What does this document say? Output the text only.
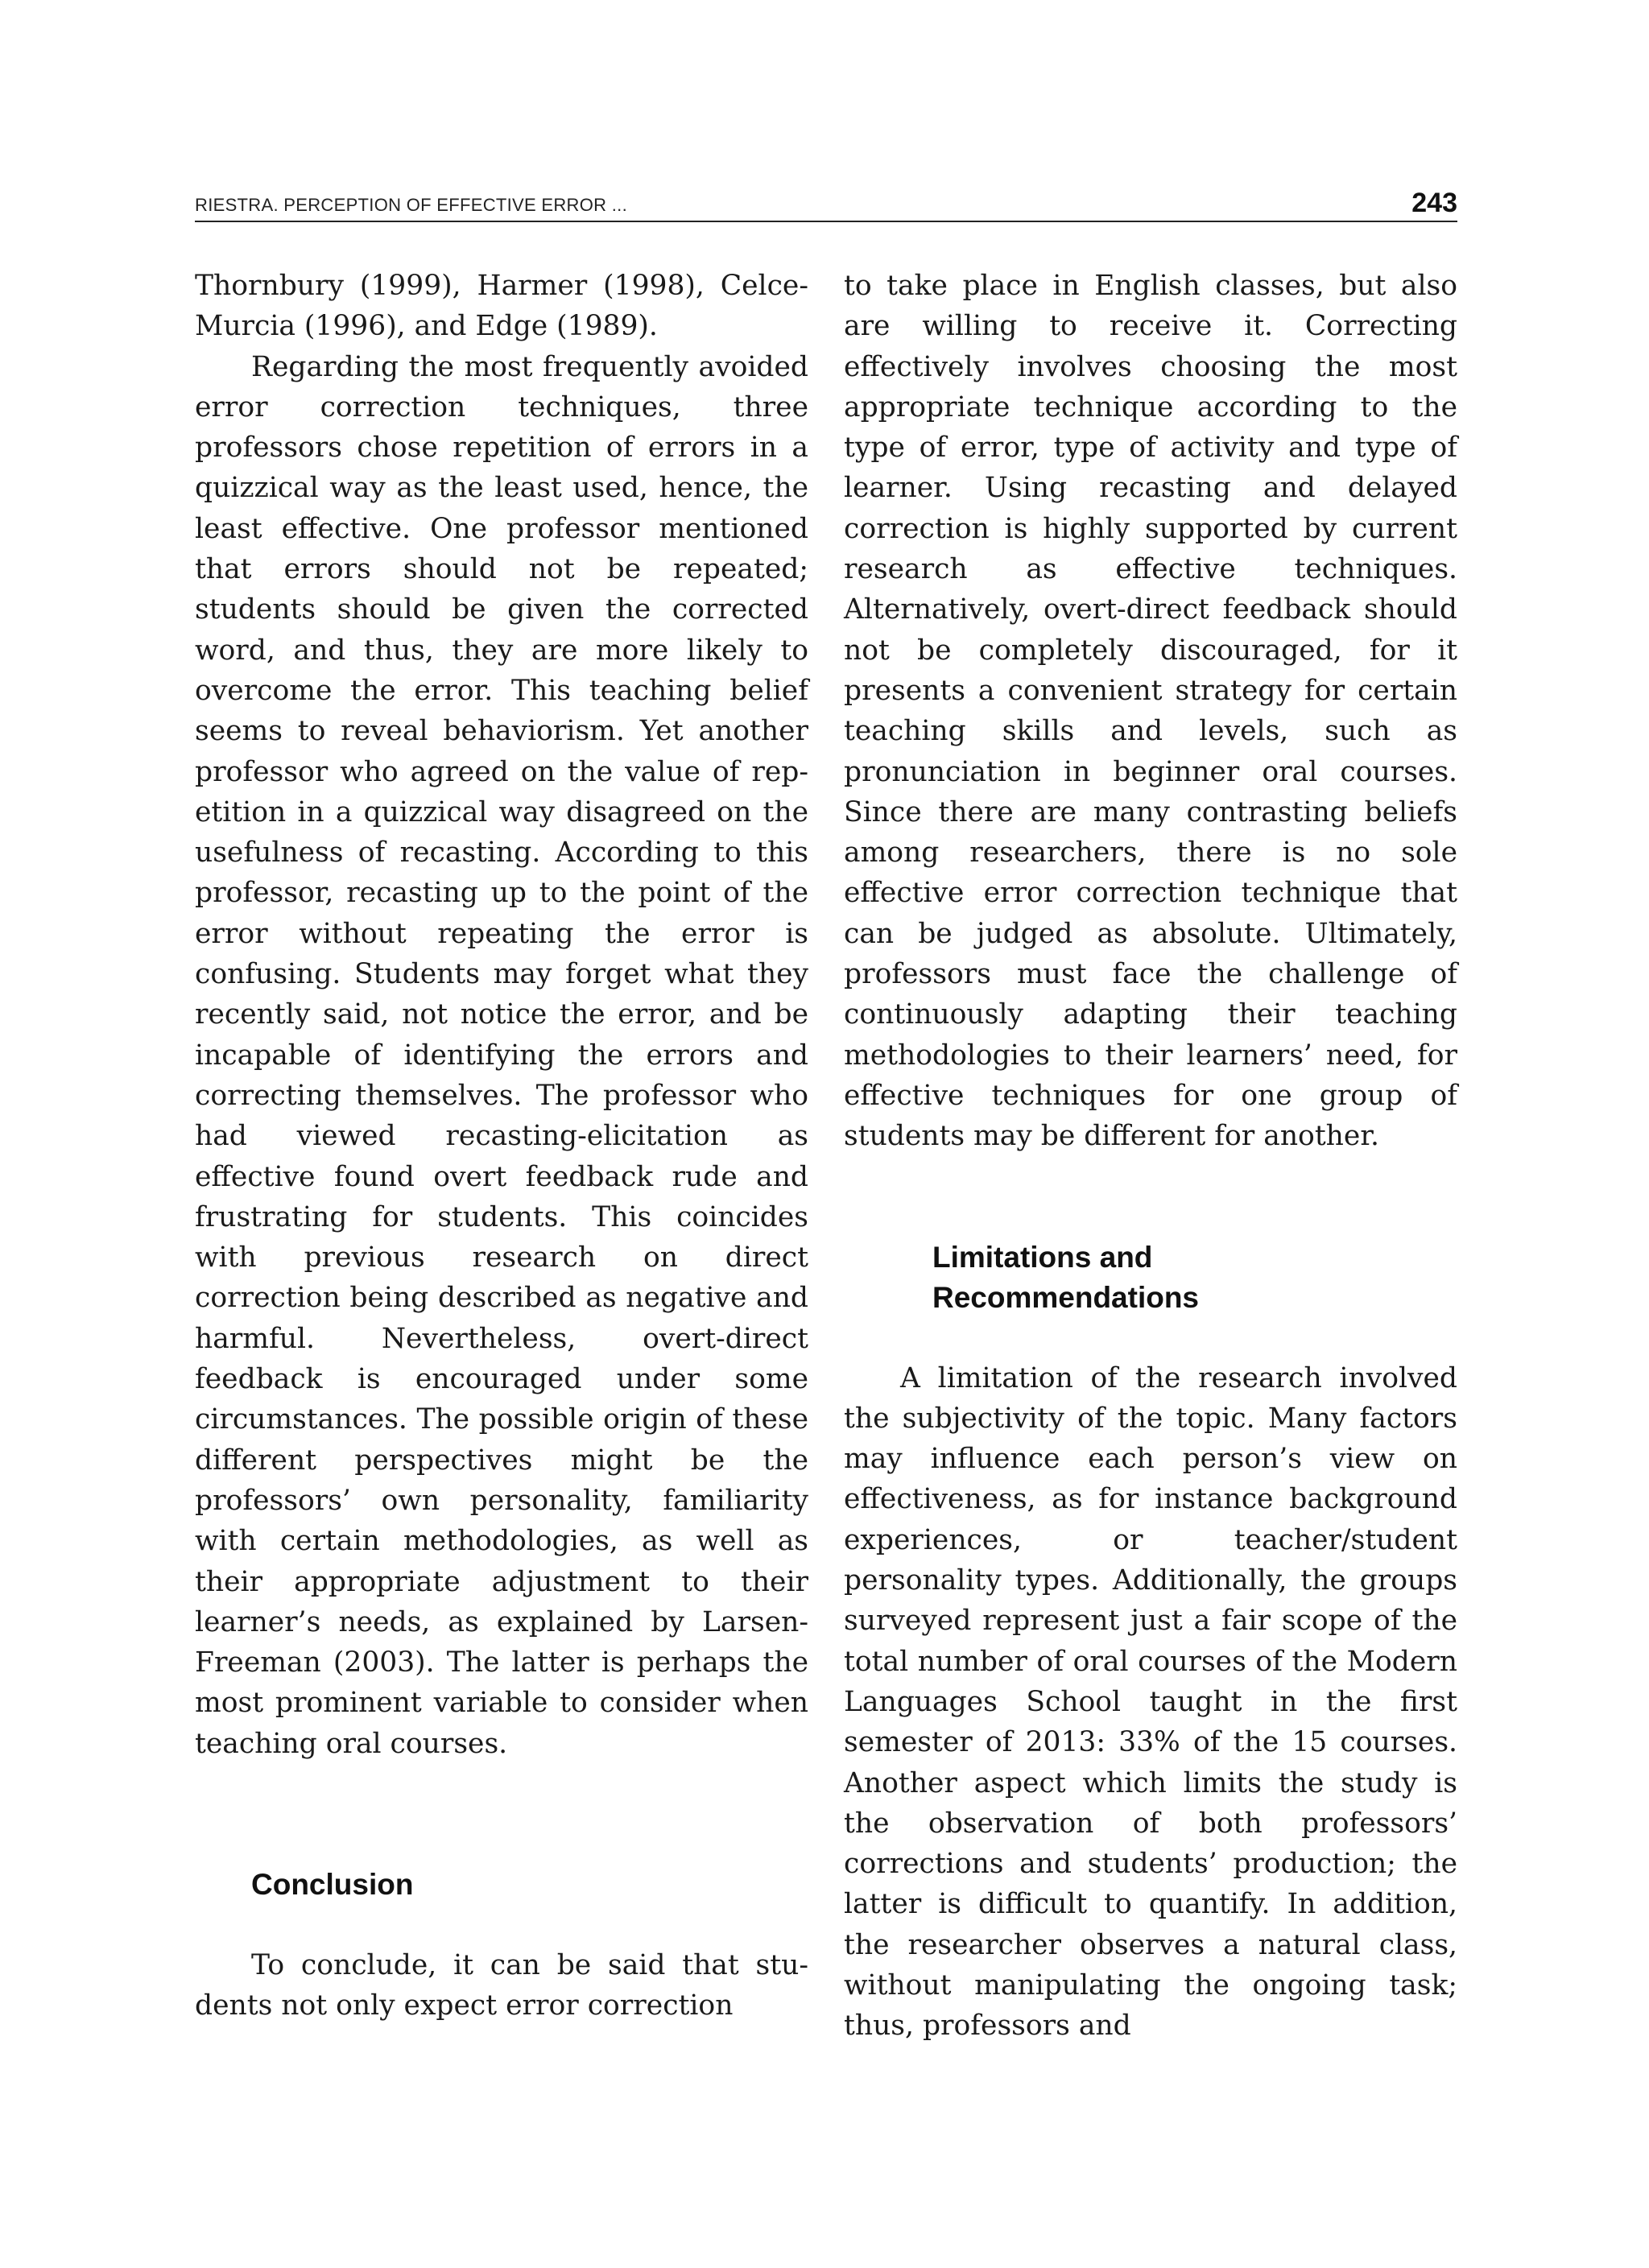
RIESTRA. PERCEPTION OF EFFECTIVE ERROR ...	243

Thornbury (1999), Harmer (1998), Celce-Murcia (1996), and Edge (1989).

Regarding the most frequently avoided error correction techniques, three professors chose repetition of errors in a quizzical way as the least used, hence, the least effective. One professor mentioned that errors should not be repeated; students should be given the corrected word, and thus, they are more likely to overcome the error. This teaching belief seems to reveal behaviorism. Yet another professor who agreed on the value of repetition in a quizzical way disagreed on the usefulness of recasting. According to this professor, recasting up to the point of the error without repeating the error is confusing. Students may forget what they recently said, not notice the error, and be incapable of identifying the errors and correcting themselves. The professor who had viewed recasting-elicitation as effective found overt feedback rude and frustrating for students. This coincides with previous research on direct correction being described as negative and harmful. Nevertheless, overt-direct feedback is encouraged under some circumstances. The possible origin of these different perspectives might be the professors’ own personality, familiarity with certain methodologies, as well as their appropriate adjustment to their learner’s needs, as explained by Larsen-Freeman (2003). The latter is perhaps the most prominent variable to consider when teaching oral courses.

Conclusion

To conclude, it can be said that students not only expect error correction

to take place in English classes, but also are willing to receive it. Correcting effectively involves choosing the most appropriate technique according to the type of error, type of activity and type of learner. Using recasting and delayed correction is highly supported by current research as effective techniques. Alternatively, overt-direct feedback should not be completely discouraged, for it presents a convenient strategy for certain teaching skills and levels, such as pronunciation in beginner oral courses. Since there are many contrasting beliefs among researchers, there is no sole effective error correction technique that can be judged as absolute. Ultimately, professors must face the challenge of continuously adapting their teaching methodologies to their learners’ need, for effective techniques for one group of students may be different for another.

Limitations and
Recommendations

A limitation of the research involved the subjectivity of the topic. Many factors may influence each person’s view on effectiveness, as for instance background experiences, or teacher/student personality types. Additionally, the groups surveyed represent just a fair scope of the total number of oral courses of the Modern Languages School taught in the first semester of 2013: 33% of the 15 courses. Another aspect which limits the study is the observation of both professors’ corrections and students’ production; the latter is difficult to quantify. In addition, the researcher observes a natural class, without manipulating the ongoing task; thus, professors and
